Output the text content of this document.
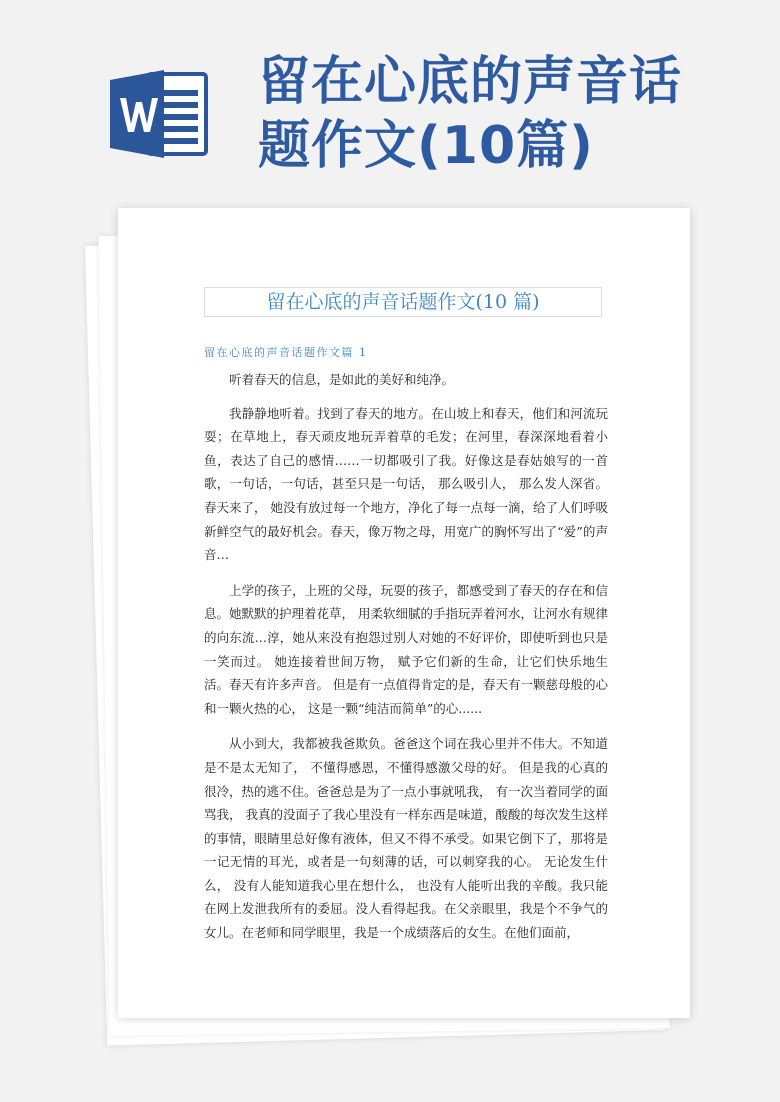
留在心底的声音话题作文(10篇)
留在心底的声音话题作文(10 篇)
留在心底的声音话题作文篇 1

听着春天的信息，是如此的美好和纯净。

我静静地听着。找到了春天的地方。在山坡上和春天，他们和河流玩耍；在草地上，春天顽皮地玩弄着草的毛发；在河里，春深深地看着小鱼，表达了自己的感情……一切都吸引了我。好像这是春姑娘写的一首歌，一句话，一句话，甚至只是一句话， 那么吸引人， 那么发人深省。 春天来了， 她没有放过每一个地方，净化了每一点每一滴，给了人们呼吸新鲜空气的最好机会。春天，像万物之母，用宽广的胸怀写出了“爱”的声音…

上学的孩子，上班的父母，玩耍的孩子，都感受到了春天的存在和信息。她默默的护理着花草， 用柔软细腻的手指玩弄着河水，让河水有规律的向东流…淳，她从来没有抱怨过别人对她的不好评价，即使听到也只是一笑而过。 她连接着世间万物， 赋予它们新的生命，让它们快乐地生活。春天有许多声音。 但是有一点值得肯定的是，春天有一颗慈母般的心和一颗火热的心， 这是一颗“纯洁而简单”的心......

从小到大，我都被我爸欺负。爸爸这个词在我心里并不伟大。不知道是不是太无知了， 不懂得感恩，不懂得感激父母的好。 但是我的心真的很冷，热的逃不住。爸爸总是为了一点小事就吼我， 有一次当着同学的面骂我， 我真的没面子了我心里没有一样东西是味道，酸酸的每次发生这样的事情，眼睛里总好像有液体，但又不得不承受。如果它倒下了，那将是一记无情的耳光，或者是一句刻薄的话，可以刺穿我的心。 无论发生什么， 没有人能知道我心里在想什么， 也没有人能听出我的辛酸。我只能在网上发泄我所有的委屈。没人看得起我。在父亲眼里，我是个不争气的女儿。在老师和同学眼里，我是一个成绩落后的女生。在他们面前，
